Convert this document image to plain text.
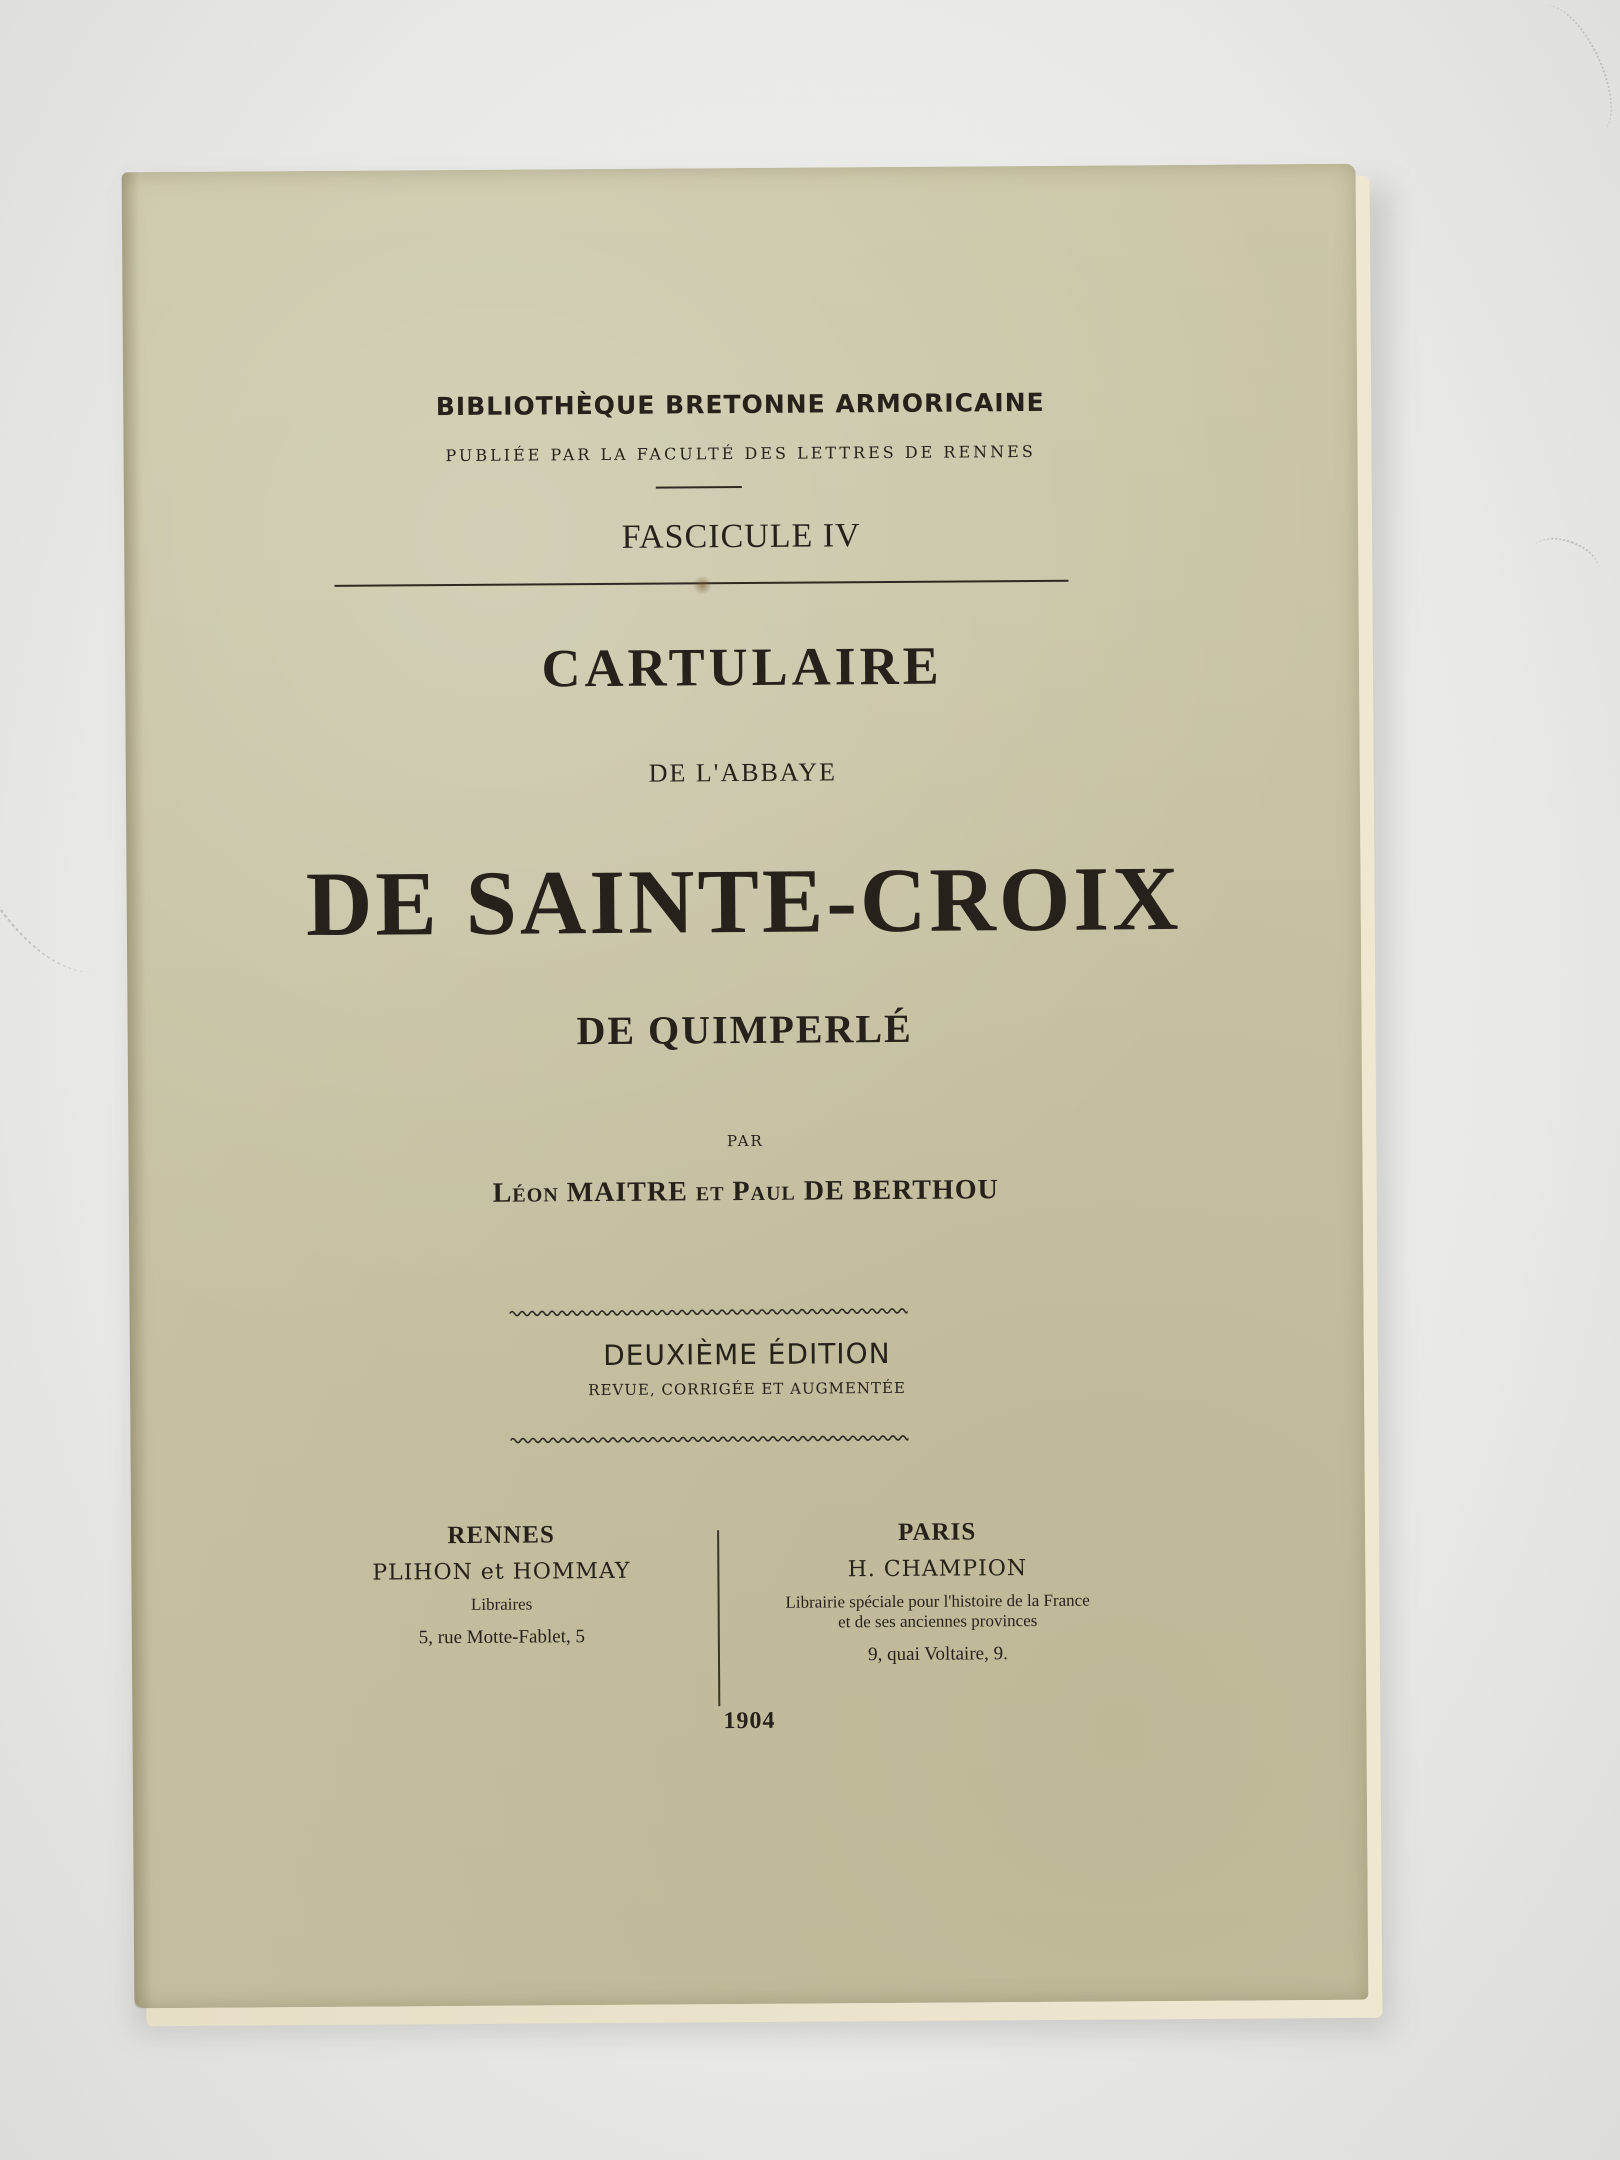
BIBLIOTHÈQUE BRETONNE ARMORICAINE
PUBLIÉE PAR LA FACULTÉ DES LETTRES DE RENNES
FASCICULE IV
CARTULAIRE
DE L'ABBAYE
DE SAINTE-CROIX
DE QUIMPERLÉ
PAR
Léon MAITRE et Paul DE BERTHOU
DEUXIÈME ÉDITION
REVUE, CORRIGÉE ET AUGMENTÉE
RENNES
PLIHON et HOMMAY
Libraires
5, rue Motte-Fablet, 5
PARIS
H. CHAMPION
Librairie spéciale pour l'histoire de la France
et de ses anciennes provinces
9, quai Voltaire, 9.
1904
